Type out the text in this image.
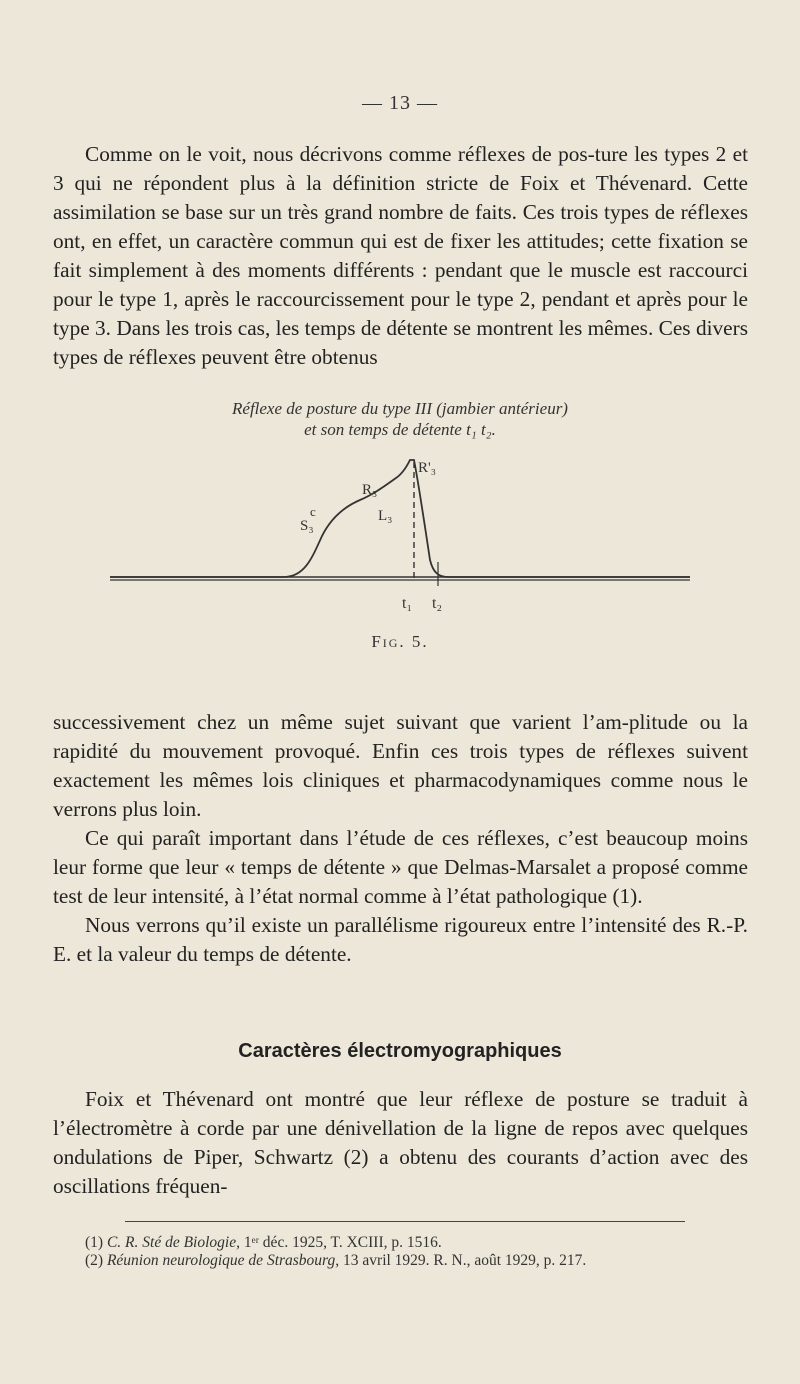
— 13 —

Comme on le voit, nous décrivons comme réflexes de pos-ture les types 2 et 3 qui ne répondent plus à la définition stricte de Foix et Thévenard. Cette assimilation se base sur un très grand nombre de faits. Ces trois types de réflexes ont, en effet, un caractère commun qui est de fixer les attitudes; cette fixation se fait simplement à des moments différents : pendant que le muscle est raccourci pour le type 1, après le raccourcissement pour le type 2, pendant et après pour le type 3. Dans les trois cas, les temps de détente se montrent les mêmes. Ces divers types de réflexes peuvent être obtenus

Réflexe de posture du type III (jambier antérieur)
et son temps de détente t₁ t₂.
R'₃
R₃
S₃
c	L₃
t₁ t₂
Fig. 5.

successivement chez un même sujet suivant que varient l’am-plitude ou la rapidité du mouvement provoqué. Enfin ces trois types de réflexes suivent exactement les mêmes lois cliniques et pharmacodynamiques comme nous le verrons plus loin.

Ce qui paraît important dans l’étude de ces réflexes, c’est beaucoup moins leur forme que leur « temps de détente » que Delmas-Marsalet a proposé comme test de leur intensité, à l’état normal comme à l’état pathologique (1).

Nous verrons qu’il existe un parallélisme rigoureux entre l’intensité des R.-P. E. et la valeur du temps de détente.

Caractères électromyographiques

Foix et Thévenard ont montré que leur réflexe de posture se traduit à l’électromètre à corde par une dénivellation de la ligne de repos avec quelques ondulations de Piper, Schwartz (2) a obtenu des courants d’action avec des oscillations fréquen-

(1) C. R. Sté de Biologie, 1ᵉʳ déc. 1925, T. XCIII, p. 1516.
(2) Réunion neurologique de Strasbourg, 13 avril 1929. R. N., août 1929, p. 217.
